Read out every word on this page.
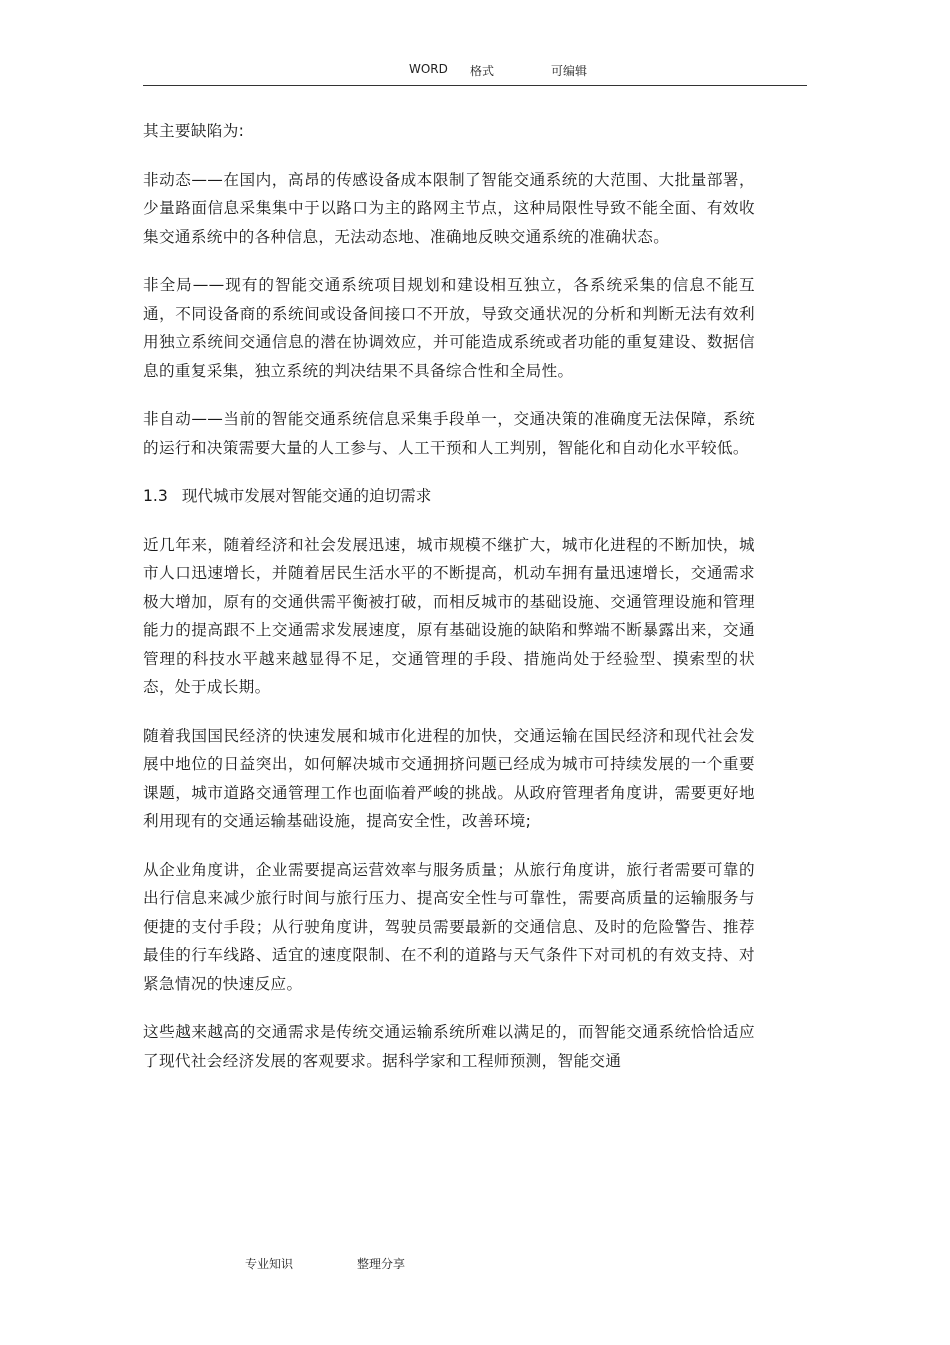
WORD 格式	可编辑

其主要缺陷为:

非动态——在国内，高昂的传感设备成本限制了智能交通系统的大范围、大批量部署，少量路面信息采集集中于以路口为主的路网主节点，这种局限性导致不能全面、有效收集交通系统中的各种信息，无法动态地、准确地反映交通系统的准确状态。

非全局——现有的智能交通系统项目规划和建设相互独立，各系统采集的信息不能互通，不同设备商的系统间或设备间接口不开放，导致交通状况的分析和判断无法有效利用独立系统间交通信息的潜在协调效应，并可能造成系统或者功能的重复建设、数据信息的重复采集，独立系统的判决结果不具备综合性和全局性。

非自动——当前的智能交通系统信息采集手段单一，交通决策的准确度无法保障，系统的运行和决策需要大量的人工参与、人工干预和人工判别，智能化和自动化水平较低。

1.3 现代城市发展对智能交通的迫切需求

近几年来，随着经济和社会发展迅速，城市规模不继扩大，城市化进程的不断加快，城市人口迅速增长，并随着居民生活水平的不断提高，机动车拥有量迅速增长，交通需求极大增加，原有的交通供需平衡被打破，而相反城市的基础设施、交通管理设施和管理能力的提高跟不上交通需求发展速度，原有基础设施的缺陷和弊端不断暴露出来，交通管理的科技水平越来越显得不足，交通管理的手段、措施尚处于经验型、摸索型的状态，处于成长期。

随着我国国民经济的快速发展和城市化进程的加快，交通运输在国民经济和现代社会发展中地位的日益突出，如何解决城市交通拥挤问题已经成为城市可持续发展的一个重要课题，城市道路交通管理工作也面临着严峻的挑战。从政府管理者角度讲，需要更好地利用现有的交通运输基础设施，提高安全性，改善环境;

从企业角度讲，企业需要提高运营效率与服务质量；从旅行角度讲，旅行者需要可靠的出行信息来减少旅行时间与旅行压力、提高安全性与可靠性，需要高质量的运输服务与便捷的支付手段；从行驶角度讲，驾驶员需要最新的交通信息、及时的危险警告、推荐最佳的行车线路、适宜的速度限制、在不利的道路与天气条件下对司机的有效支持、对紧急情况的快速反应。

这些越来越高的交通需求是传统交通运输系统所难以满足的，而智能交通系统恰恰适应了现代社会经济发展的客观要求。据科学家和工程师预测，智能交通

专业知识	整理分享
